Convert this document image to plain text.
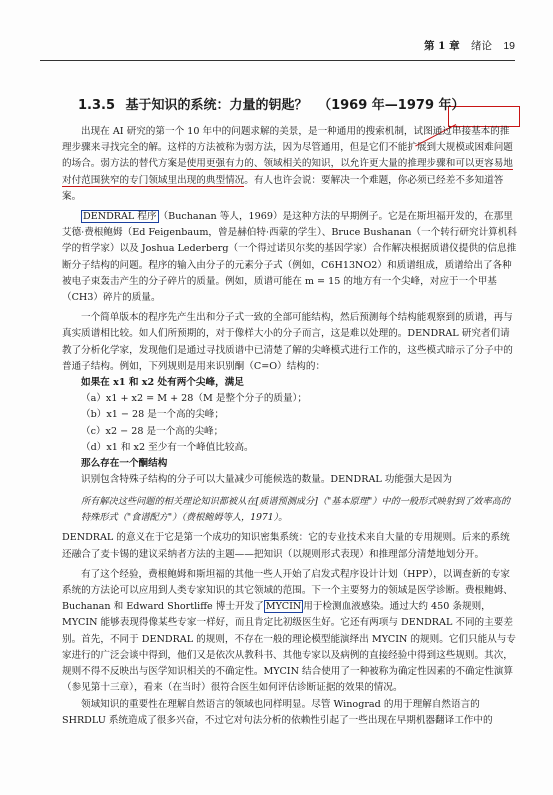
第 1 章 绪论 19
1.3.5 基于知识的系统：力量的钥匙？ （1969 年—1979 年）

出现在 AI 研究的第一个 10 年中的问题求解的美景，是一种通用的搜索机制，试图通过串接基本的推理步骤来寻找完全的解。这样的方法被称为弱方法，因为尽管通用，但是它们不能扩展到大规模或困难问题的场合。弱方法的替代方案是使用更强有力的、领域相关的知识，以允许更大量的推理步骤和可以更容易地对付范围狭窄的专门领域里出现的典型情况。有人也许会说：要解决一个难题，你必须已经差不多知道答案。

DENDRAL 程序 （Buchanan 等人，1969）是这种方法的早期例子。它是在斯坦福开发的，在那里艾德·费根鲍姆（Ed Feigenbaum，曾是赫伯特·西蒙的学生）、Bruce Bushanan（一个转行研究计算机科学的哲学家）以及 Joshua Lederberg（一个得过诺贝尔奖的基因学家）合作解决根据质谱仪提供的信息推断分子结构的问题。程序的输入由分子的元素分子式（例如，C6H13NO2）和质谱组成，质谱给出了各种被电子束轰击产生的分子碎片的质量。例如，质谱可能在 m = 15 的地方有一个尖峰，对应于一个甲基（CH3）碎片的质量。

一个简单版本的程序先产生出和分子式一致的全部可能结构，然后预测每个结构能观察到的质谱，再与真实质谱相比较。如人们所预期的，对于像样大小的分子而言，这是难以处理的。DENDRAL 研究者们请教了分析化学家，发现他们是通过寻找质谱中已清楚了解的尖峰模式进行工作的，这些模式暗示了分子中的普通子结构。例如，下列规则是用来识别酮（C=O）结构的：

如果在 x1 和 x2 处有两个尖峰，满足
（a）x1 + x2 = M + 28（M 是整个分子的质量）；
（b）x1 − 28 是一个高的尖峰；
（c）x2 − 28 是一个高的尖峰；
（d）x1 和 x2 至少有一个峰值比较高。
那么存在一个酮结构

识别包含特殊子结构的分子可以大量减少可能候选的数量。DENDRAL 功能强大是因为

所有解决这些问题的相关理论知识都被从在[质谱预测成分]（"基本原理"）中的一般形式映射到了效率高的特殊形式（"食谱配方"）（费根鲍姆等人，1971）。

DENDRAL 的意义在于它是第一个成功的知识密集系统：它的专业技术来自大量的专用规则。后来的系统还融合了麦卡锡的建议采纳者方法的主题——把知识（以规则形式表现）和推理部分清楚地划分开。

有了这个经验，费根鲍姆和斯坦福的其他一些人开始了启发式程序设计计划（HPP），以调查新的专家系统的方法论可以应用到人类专家知识的其它领域的范围。下一个主要努力的领域是医学诊断。费根鲍姆、Buchanan 和 Edward Shortliffe 博士开发了 MYCIN 用于检测血液感染。通过大约 450 条规则，MYCIN 能够表现得像某些专家一样好，而且肯定比初级医生好。它还有两项与 DENDRAL 不同的主要差别。首先，不同于 DENDRAL 的规则，不存在一般的理论模型能演绎出 MYCIN 的规则。它们只能从与专家进行的广泛会谈中得到，他们又是依次从教科书、其他专家以及病例的直接经验中得到这些规则。其次，规则不得不反映出与医学知识相关的不确定性。MYCIN 结合使用了一种被称为确定性因素的不确定性演算（参见第十三章），看来（在当时）很符合医生如何评估诊断证据的效果的情况。

领域知识的重要性在理解自然语言的领域也同样明显。尽管 Winograd 的用于理解自然语言的 SHRDLU 系统造成了很多兴奋，不过它对句法分析的依赖性引起了一些出现在早期机器翻译工作中的
